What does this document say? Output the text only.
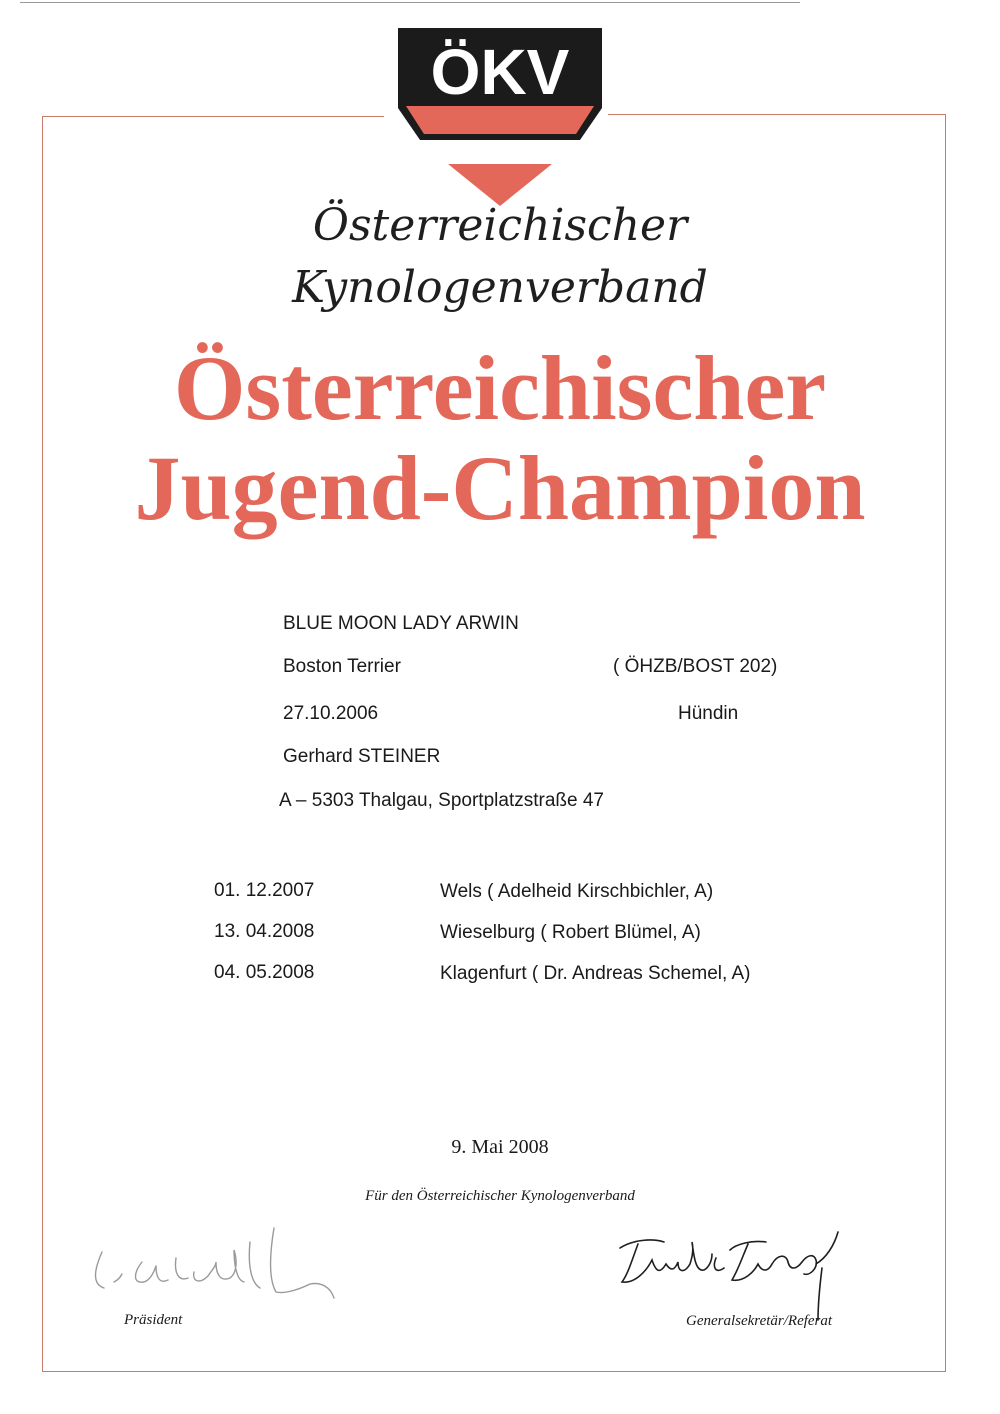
ÖKV
Österreichischer
Kynologenverband
Österreichischer
Jugend-Champion
BLUE MOON LADY ARWIN
Boston Terrier	( ÖHZB/BOST 202)
27.10.2006	Hündin
Gerhard STEINER
A – 5303 Thalgau, Sportplatzstraße 47
01. 12.2007	Wels ( Adelheid Kirschbichler, A)
13. 04.2008	Wieselburg ( Robert Blümel, A)
04. 05.2008	Klagenfurt ( Dr. Andreas Schemel, A)
9. Mai 2008
Für den Österreichischer Kynologenverband
Präsident	Generalsekretär/Referat
